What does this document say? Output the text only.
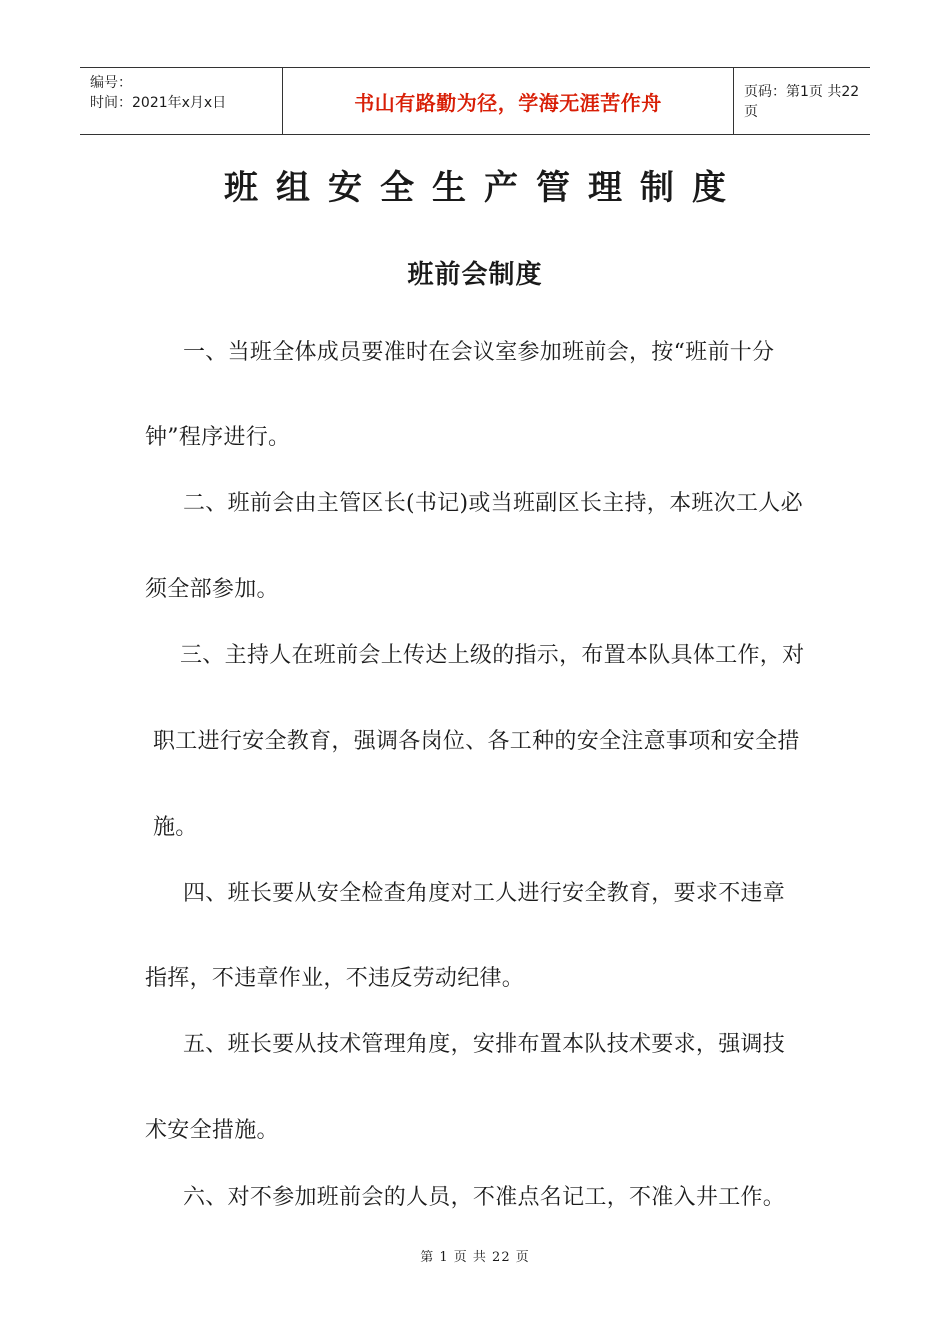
编号：
时间：2021年x月x日	书山有路勤为径，学海无涯苦作舟	页码：第1页 共22页
班组安全生产管理制度
班前会制度
一、当班全体成员要准时在会议室参加班前会，按“班前十分
钟”程序进行。
二、班前会由主管区长(书记)或当班副区长主持，本班次工人必
须全部参加。
三、主持人在班前会上传达上级的指示，布置本队具体工作，对
职工进行安全教育，强调各岗位、各工种的安全注意事项和安全措
施。
四、班长要从安全检查角度对工人进行安全教育，要求不违章
指挥，不违章作业，不违反劳动纪律。
五、班长要从技术管理角度，安排布置本队技术要求，强调技
术安全措施。
六、对不参加班前会的人员，不准点名记工，不准入井工作。
第 1 页 共 22 页
